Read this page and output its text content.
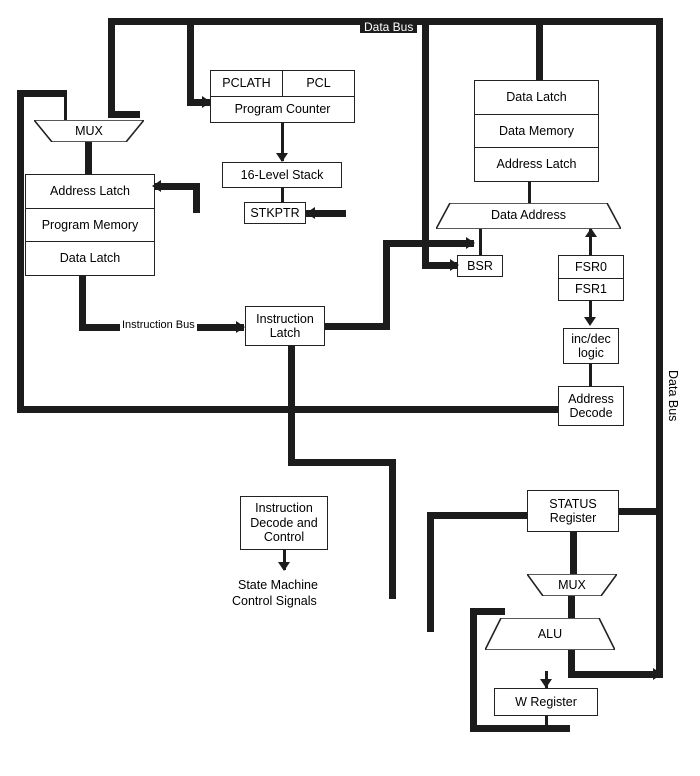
Data Bus
Data Bus
MUX
Address Latch
Program Memory
Data Latch
Instruction Bus
PCLATH	PCL
Program Counter
16-Level Stack
STKPTR
Data Latch
Data Memory
Address Latch
Data Address
BSR	FSR0
FSR1
inc/dec
logic
Address
Decode
Instruction
Latch
Instruction
Decode and
Control
State Machine
Control Signals
STATUS
Register
MUX
ALU
W Register
